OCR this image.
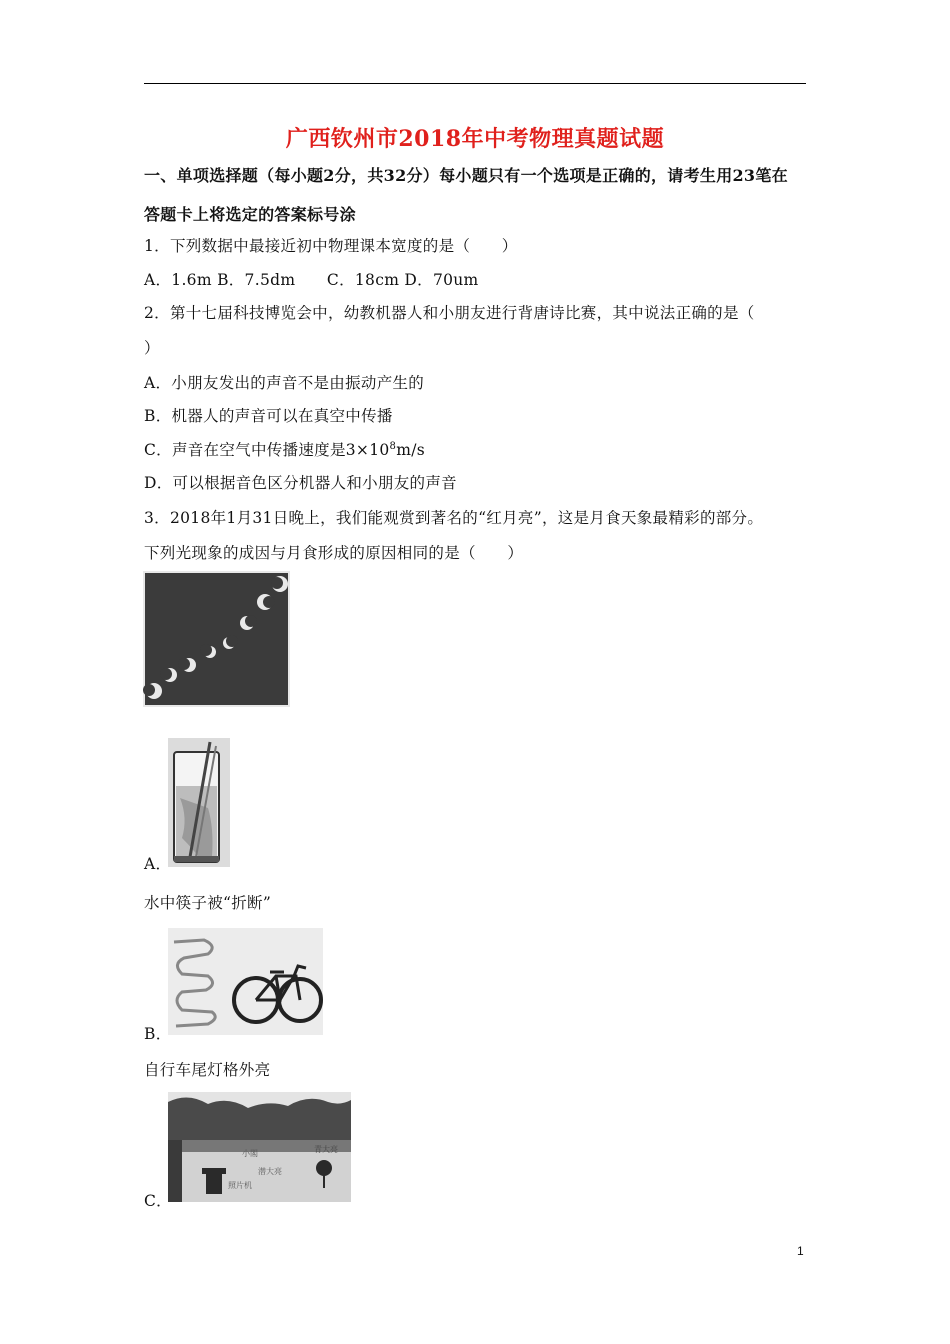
广西钦州市2018年中考物理真题试题
一、单项选择题（每小题2分，共32分）每小题只有一个选项是正确的，请考生用23笔在
答题卡上将选定的答案标号涂
1．下列数据中最接近初中物理课本宽度的是（　　）
A．1.6m B．7.5dm　　C．18cm D．70um
2．第十七届科技博览会中，幼教机器人和小朋友进行背唐诗比赛，其中说法正确的是（
）
A．小朋友发出的声音不是由振动产生的
B．机器人的声音可以在真空中传播
C．声音在空气中传播速度是$3\times 10^8m/s$
D．可以根据音色区分机器人和小朋友的声音
3．2018年1月31日晚上，我们能观赏到著名的“红月亮”，这是月食天象最精彩的部分。
下列光现象的成因与月食形成的原因相同的是（　　）
A．
水中筷子被“折断”
B．
自行车尾灯格外亮
小閣
潜大亮
青大亮
照片机
C．
1
